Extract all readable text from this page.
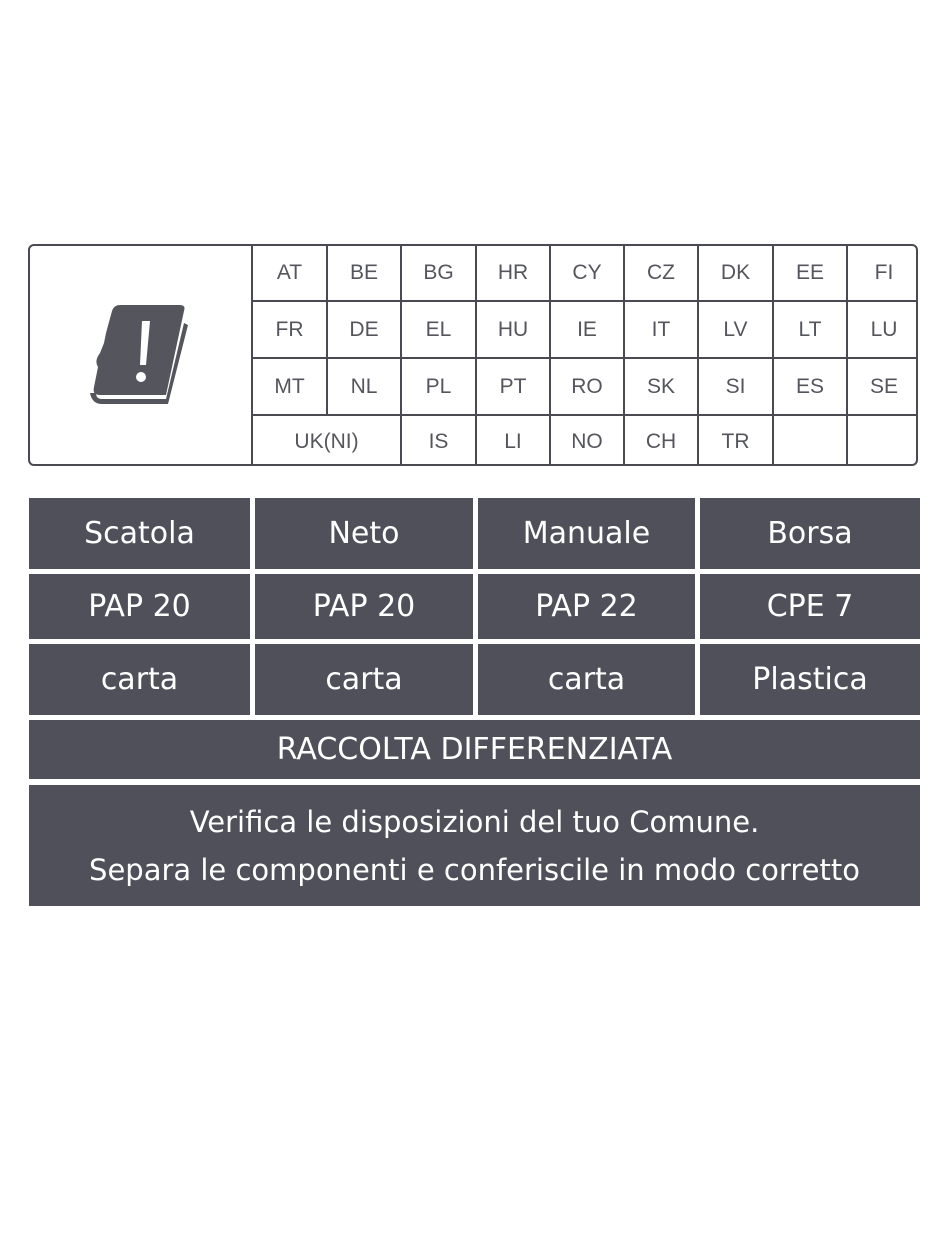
AT	BE	BG	HR	CY	CZ	DK	EE	FI
FR	DE	EL	HU	IE	IT	LV	LT	LU
MT	NL	PL	PT	RO	SK	SI	ES	SE
UK(NI)	IS	LI	NO	CH	TR
Scatola	Neto	Manuale	Borsa
PAP 20	PAP 20	PAP 22	CPE 7
carta	carta	carta	Plastica
RACCOLTA DIFFERENZIATA
Verifica le disposizioni del tuo Comune.
Separa le componenti e conferiscile in modo corretto
